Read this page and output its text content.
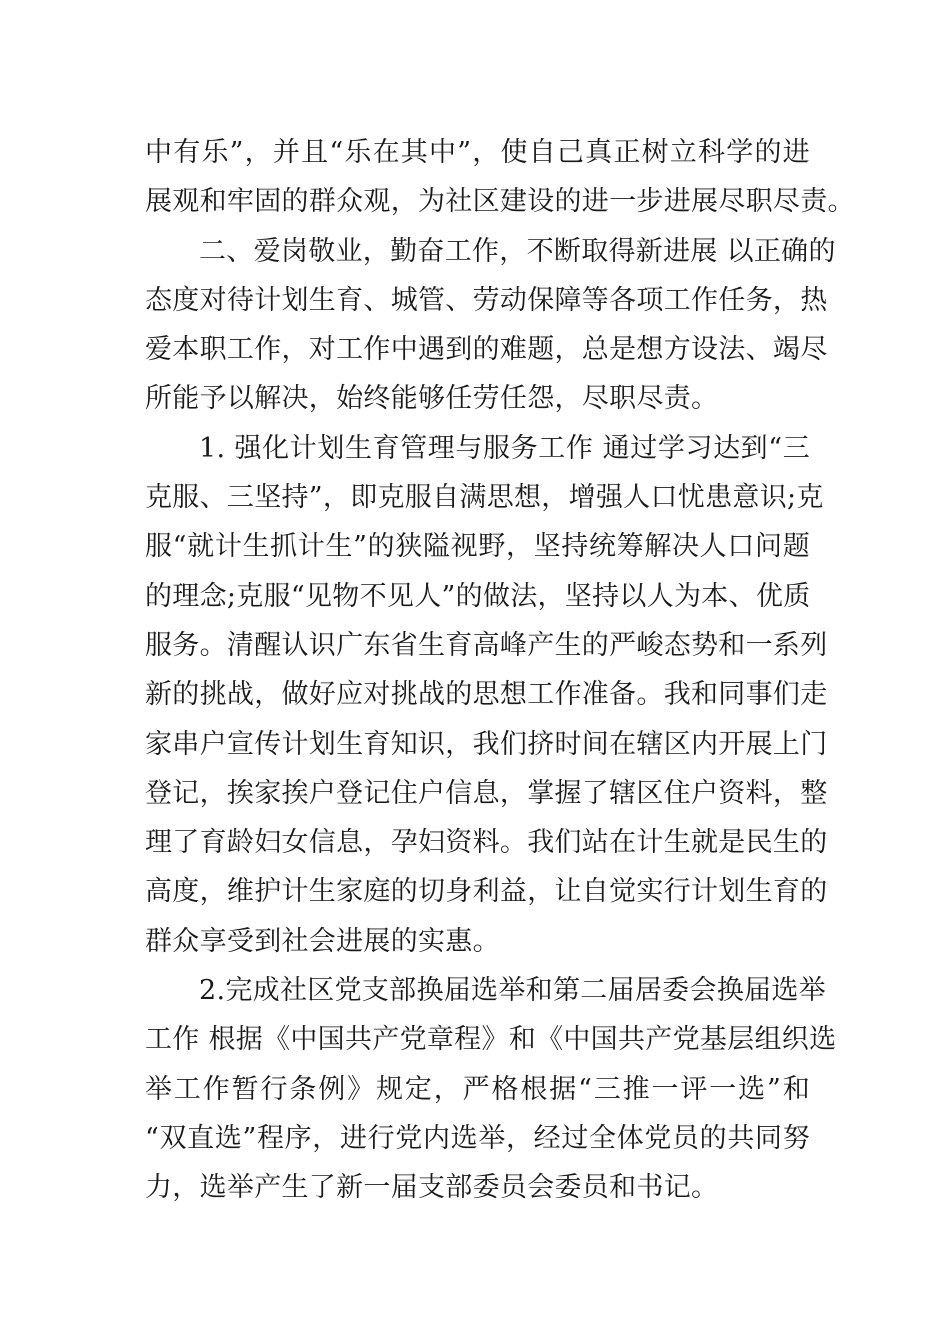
中有乐”，并且“乐在其中”，使自己真正树立科学的进
展观和牢固的群众观，为社区建设的进一步进展尽职尽责。
二、爱岗敬业，勤奋工作，不断取得新进展 以正确的
态度对待计划生育、城管、劳动保障等各项工作任务，热
爱本职工作，对工作中遇到的难题，总是想方设法、竭尽
所能予以解决，始终能够任劳任怨，尽职尽责。
1. 强化计划生育管理与服务工作 通过学习达到“三
克服、三坚持”，即克服自满思想，增强人口忧患意识;克
服“就计生抓计生”的狭隘视野，坚持统筹解决人口问题
的理念;克服“见物不见人”的做法，坚持以人为本、优质
服务。清醒认识广东省生育高峰产生的严峻态势和一系列
新的挑战，做好应对挑战的思想工作准备。我和同事们走
家串户宣传计划生育知识，我们挤时间在辖区内开展上门
登记，挨家挨户登记住户信息，掌握了辖区住户资料，整
理了育龄妇女信息，孕妇资料。我们站在计生就是民生的
高度，维护计生家庭的切身利益，让自觉实行计划生育的
群众享受到社会进展的实惠。
2.完成社区党支部换届选举和第二届居委会换届选举
工作 根据《中国共产党章程》和《中国共产党基层组织选
举工作暂行条例》规定，严格根据“三推一评一选”和
“双直选”程序，进行党内选举，经过全体党员的共同努
力，选举产生了新一届支部委员会委员和书记。
